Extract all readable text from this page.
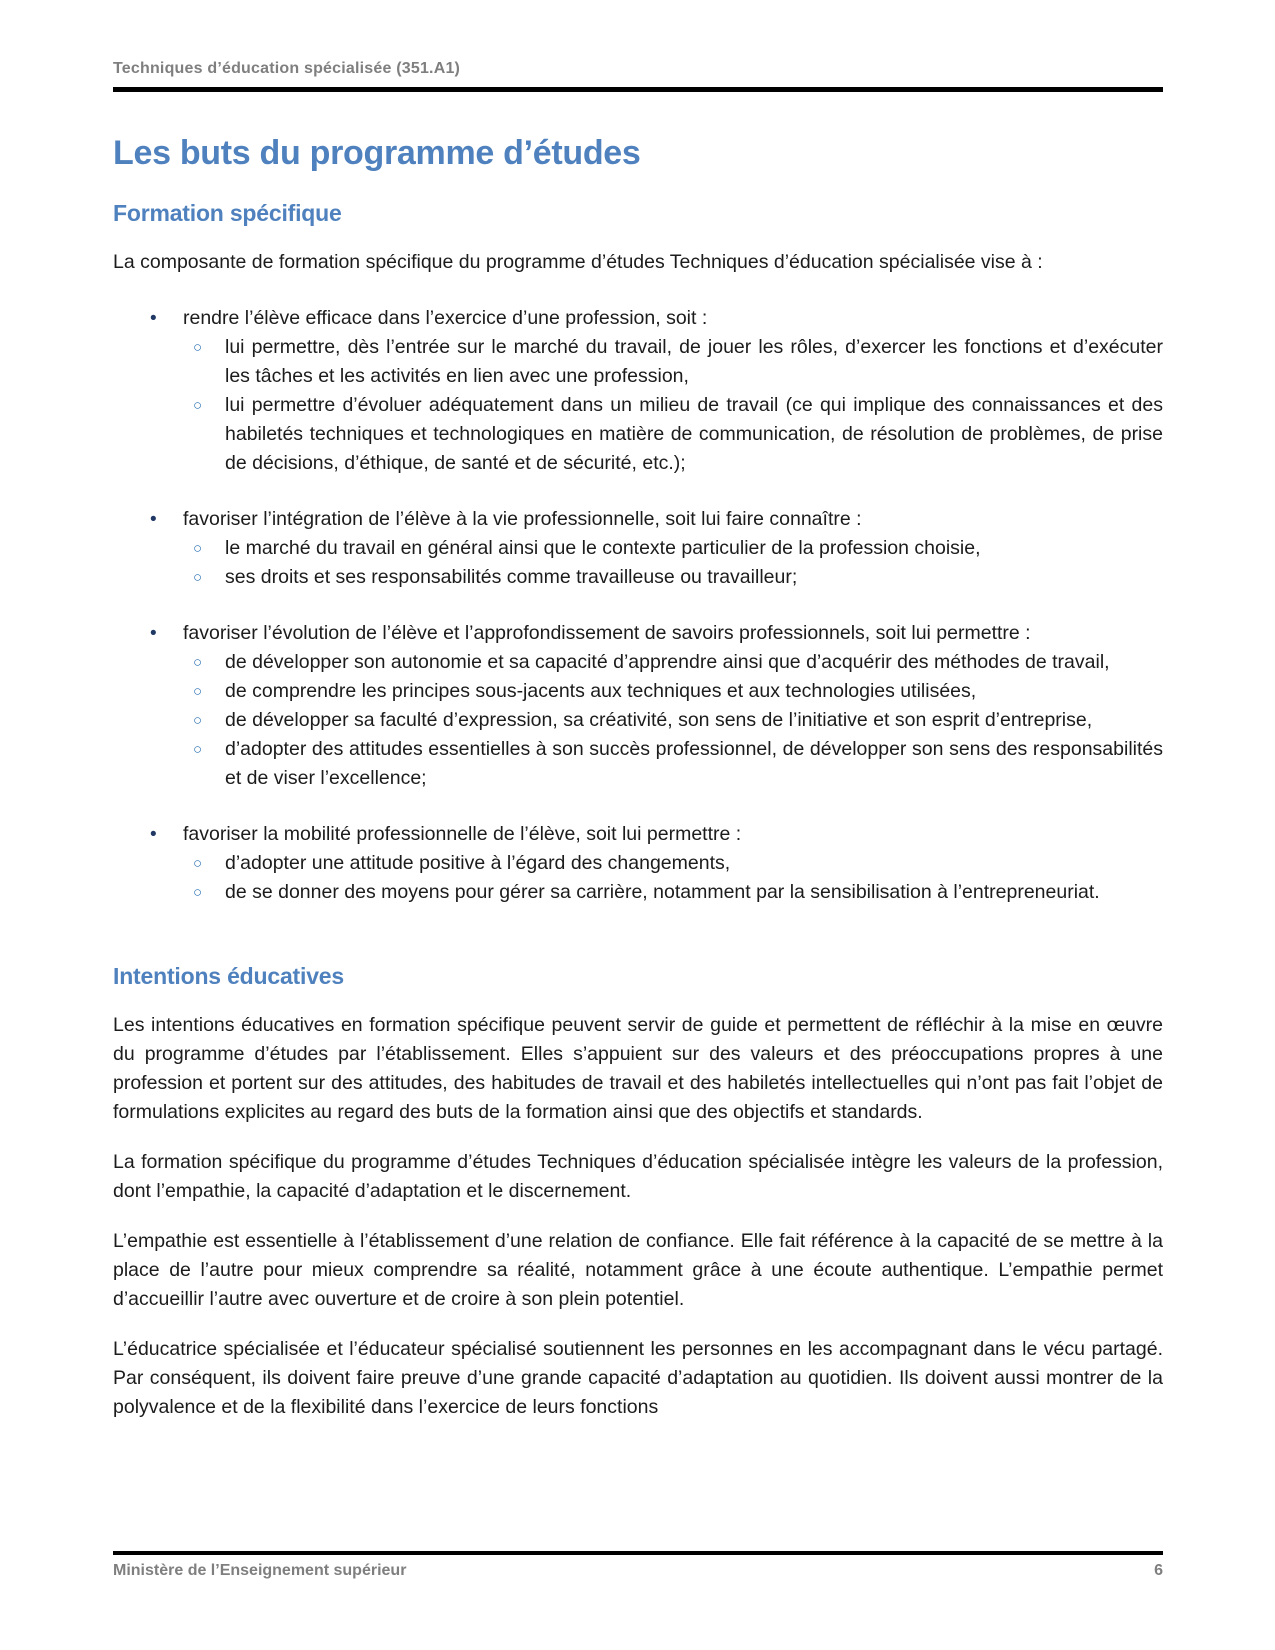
Techniques d’éducation spécialisée (351.A1)
Les buts du programme d’études
Formation spécifique

La composante de formation spécifique du programme d’études Techniques d’éducation spécialisée vise à :

•	rendre l’élève efficace dans l’exercice d’une profession, soit :

○	lui permettre, dès l’entrée sur le marché du travail, de jouer les rôles, d’exercer les fonctions et d’exécuter les tâches et les activités en lien avec une profession,

○	lui permettre d’évoluer adéquatement dans un milieu de travail (ce qui implique des connaissances et des habiletés techniques et technologiques en matière de communication, de résolution de problèmes, de prise de décisions, d’éthique, de santé et de sécurité, etc.);

•	favoriser l’intégration de l’élève à la vie professionnelle, soit lui faire connaître :

○	le marché du travail en général ainsi que le contexte particulier de la profession choisie,

○	ses droits et ses responsabilités comme travailleuse ou travailleur;

•	favoriser l’évolution de l’élève et l’approfondissement de savoirs professionnels, soit lui permettre :

○	de développer son autonomie et sa capacité d’apprendre ainsi que d’acquérir des méthodes de travail,

○	de comprendre les principes sous-jacents aux techniques et aux technologies utilisées,

○	de développer sa faculté d’expression, sa créativité, son sens de l’initiative et son esprit d’entreprise,

○	d’adopter des attitudes essentielles à son succès professionnel, de développer son sens des responsabilités et de viser l’excellence;

•	favoriser la mobilité professionnelle de l’élève, soit lui permettre :

○	d’adopter une attitude positive à l’égard des changements,

○	de se donner des moyens pour gérer sa carrière, notamment par la sensibilisation à l’entrepreneuriat.

Intentions éducatives

Les intentions éducatives en formation spécifique peuvent servir de guide et permettent de réfléchir à la mise en œuvre du programme d’études par l’établissement. Elles s’appuient sur des valeurs et des préoccupations propres à une profession et portent sur des attitudes, des habitudes de travail et des habiletés intellectuelles qui n’ont pas fait l’objet de formulations explicites au regard des buts de la formation ainsi que des objectifs et standards.

La formation spécifique du programme d’études Techniques d’éducation spécialisée intègre les valeurs de la profession, dont l’empathie, la capacité d’adaptation et le discernement.

L’empathie est essentielle à l’établissement d’une relation de confiance. Elle fait référence à la capacité de se mettre à la place de l’autre pour mieux comprendre sa réalité, notamment grâce à une écoute authentique. L’empathie permet d’accueillir l’autre avec ouverture et de croire à son plein potentiel.

L’éducatrice spécialisée et l’éducateur spécialisé soutiennent les personnes en les accompagnant dans le vécu partagé. Par conséquent, ils doivent faire preuve d’une grande capacité d’adaptation au quotidien. Ils doivent aussi montrer de la polyvalence et de la flexibilité dans l’exercice de leurs fonctions

Ministère de l’Enseignement supérieur	6
